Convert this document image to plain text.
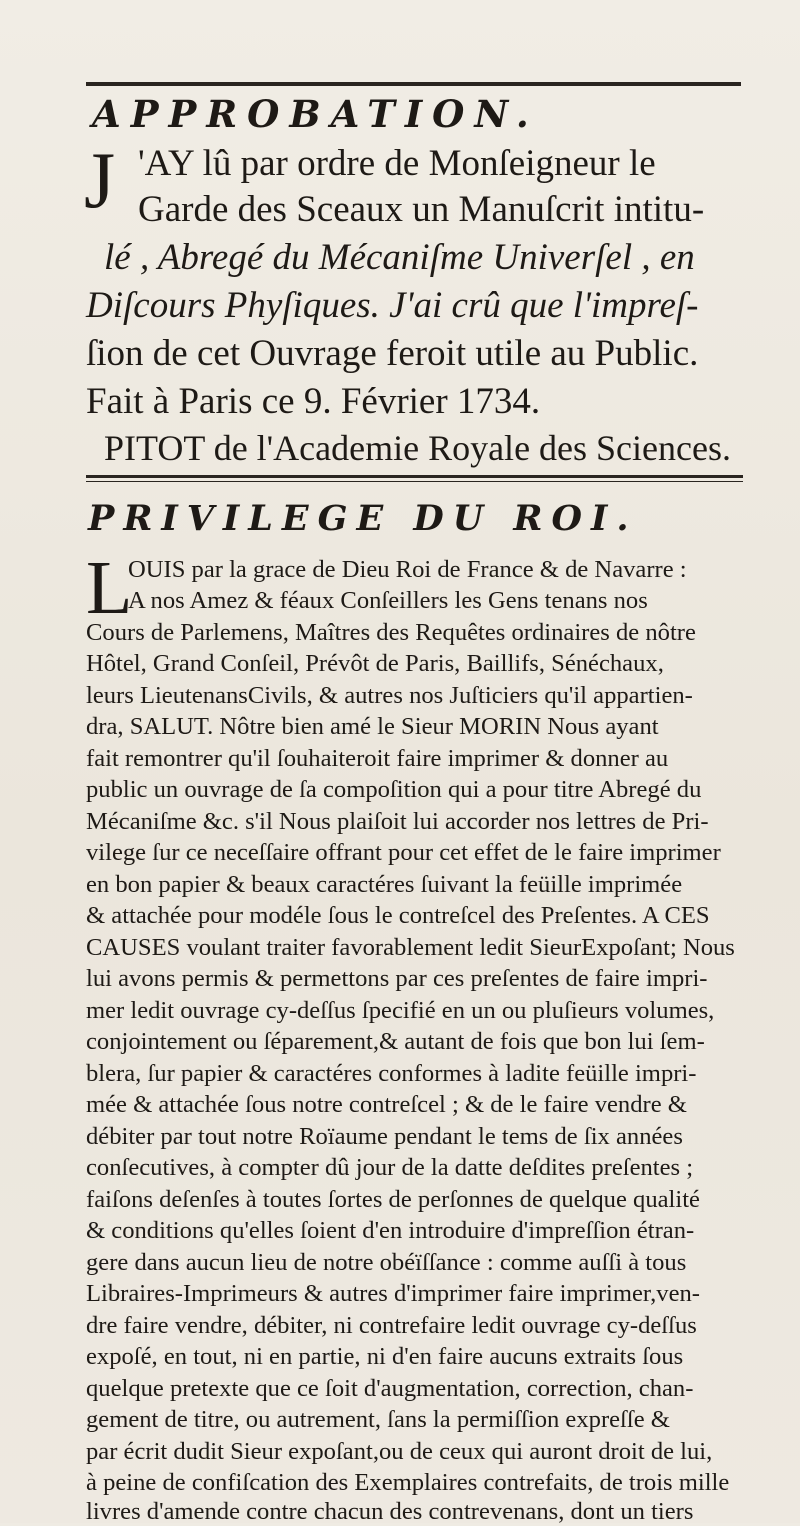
APPROBATION.
J 'AY lû par ordre de Monſeigneur le
Garde des Sceaux un Manuſcrit intitu-
lé , Abregé du Mécaniſme Univerſel , en
Diſcours Phyſiques. J'ai crû que l'impreſ-
ſion de cet Ouvrage feroit utile au Public.
Fait à Paris ce 9. Février 1734.
PITOT de l'Academie Royale des Sciences.
PRIVILEGE DU ROI.
L
OUIS par la grace de Dieu Roi de France & de Navarre :
A nos Amez & féaux Conſeillers les Gens tenans nos
Cours de Parlemens, Maîtres des Requêtes ordinaires de nôtre
Hôtel, Grand Conſeil, Prévôt de Paris, Baillifs, Sénéchaux,
leurs LieutenansCivils, & autres nos Juſticiers qu'il appartien-
dra, SALUT. Nôtre bien amé le Sieur MORIN Nous ayant
fait remontrer qu'il ſouhaiteroit faire imprimer & donner au
public un ouvrage de ſa compoſition qui a pour titre Abregé du
Mécaniſme &c. s'il Nous plaiſoit lui accorder nos lettres de Pri-
vilege ſur ce neceſſaire offrant pour cet effet de le faire imprimer
en bon papier & beaux caractéres ſuivant la feüille imprimée
& attachée pour modéle ſous le contreſcel des Preſentes. A CES
CAUSES voulant traiter favorablement ledit SieurExpoſant; Nous
lui avons permis & permettons par ces preſentes de faire impri-
mer ledit ouvrage cy-deſſus ſpecifié en un ou pluſieurs volumes,
conjointement ou ſéparement,& autant de fois que bon lui ſem-
blera, ſur papier & caractéres conformes à ladite feüille impri-
mée & attachée ſous notre contreſcel ; & de le faire vendre &
débiter par tout notre Roïaume pendant le tems de ſix années
conſecutives, à compter dû jour de la datte deſdites preſentes ;
faiſons deſenſes à toutes ſortes de perſonnes de quelque qualité
& conditions qu'elles ſoient d'en introduire d'impreſſion étran-
gere dans aucun lieu de notre obéïſſance : comme auſſi à tous
Libraires-Imprimeurs & autres d'imprimer faire imprimer,ven-
dre faire vendre, débiter, ni contrefaire ledit ouvrage cy-deſſus
expoſé, en tout, ni en partie, ni d'en faire aucuns extraits ſous
quelque pretexte que ce ſoit d'augmentation, correction, chan-
gement de titre, ou autrement, ſans la permiſſion expreſſe &
par écrit dudit Sieur expoſant,ou de ceux qui auront droit de lui,
à peine de confiſcation des Exemplaires contrefaits, de trois mille
livres d'amende contre chacun des contrevenans, dont un tiers
